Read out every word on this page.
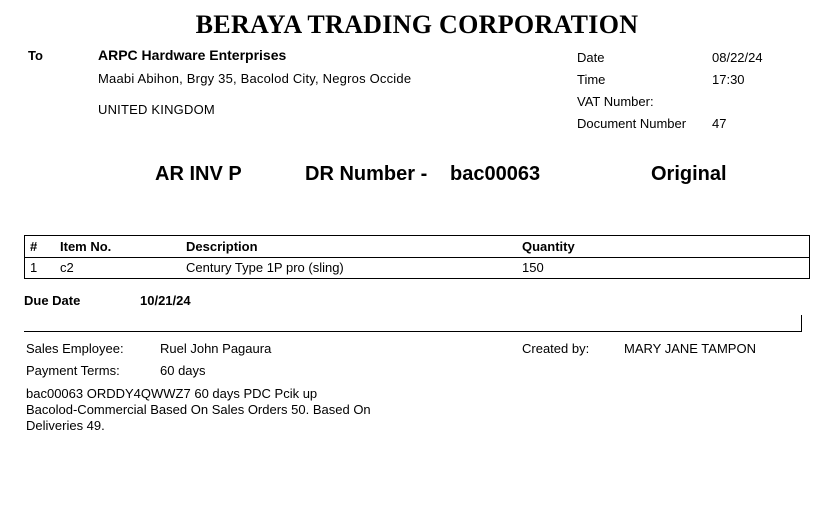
BERAYA TRADING CORPORATION
To	ARPC Hardware Enterprises
Maabi Abihon, Brgy 35, Bacolod City, Negros Occide
UNITED KINGDOM
Date	08/22/24
Time	17:30
VAT Number:
Document Number 47
AR INV P	DR Number - bac00063	Original
#	Item No.	Description	Quantity	
1	c2	Century Type 1P pro (sling)	150	
Due Date	10/21/24
Sales Employee:	Ruel John Pagaura	Created by:	MARY JANE TAMPON
Payment Terms:	60 days
bac00063 ORDDY4QWWZ7 60 days PDC Pcik up
Bacolod-Commercial Based On Sales Orders 50. Based On
Deliveries 49.
